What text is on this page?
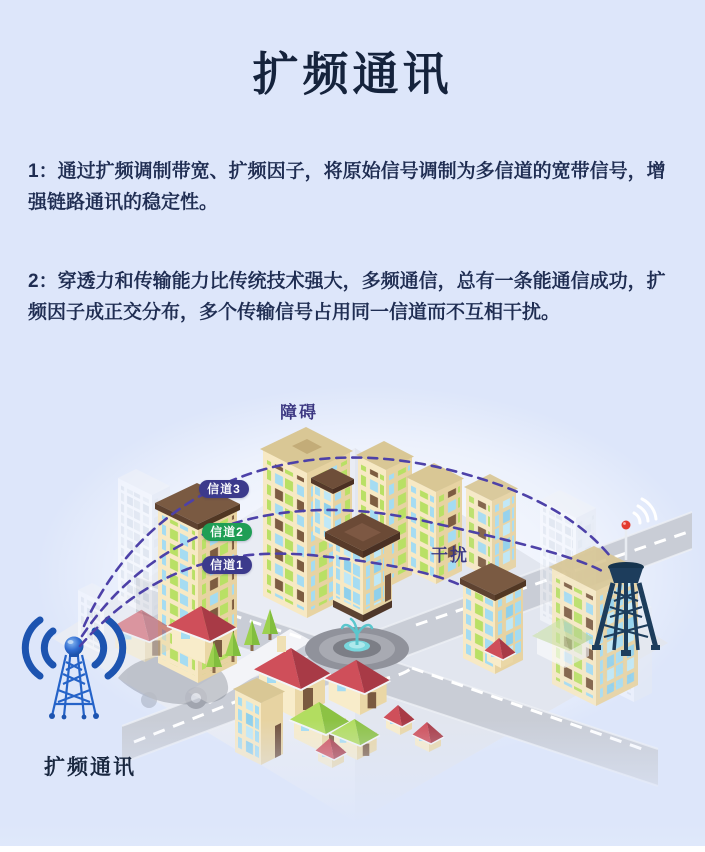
扩频通讯

1：通过扩频调制带宽、扩频因子，将原始信号调制为多信道的宽带信号，增强链路通讯的稳定性。

2：穿透力和传输能力比传统技术强大，多频通信，总有一条能通信成功，扩频因子成正交分布，多个传输信号占用同一信道而不互相干扰。

障碍
干扰
信道3
信道2
信道1
扩频通讯
